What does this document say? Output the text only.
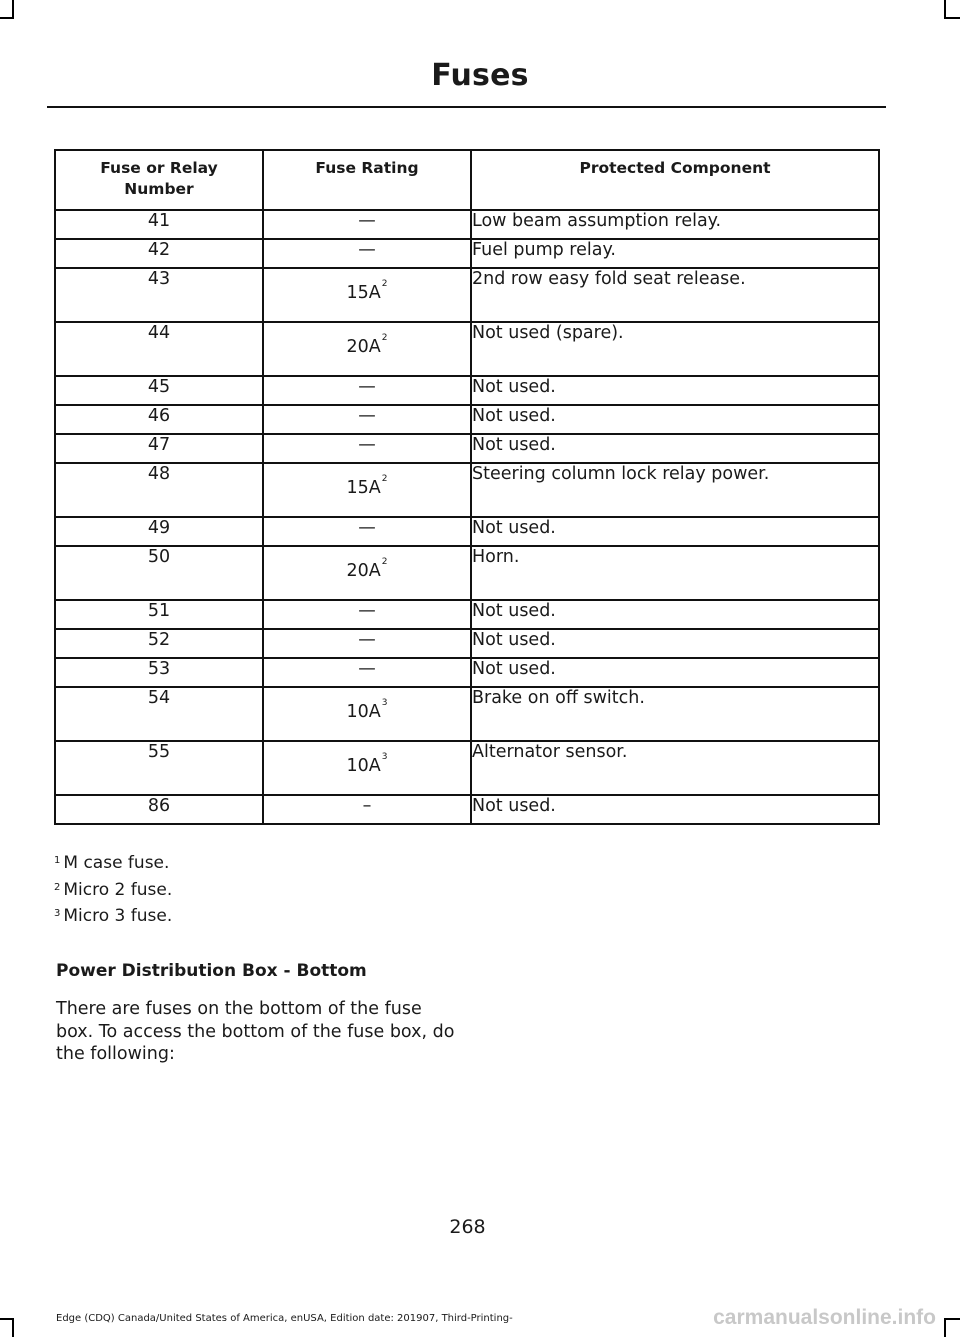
Fuses
Fuse or Relay Number	Fuse Rating	Protected Component
41	—	Low beam assumption relay.
42	—	Fuel pump relay.
43	15A$^2$	2nd row easy fold seat release.
44	20A$^2$	Not used (spare).
45	—	Not used.
46	—	Not used.
47	—	Not used.
48	15A$^2$	Steering column lock relay power.
49	—	Not used.
50	20A$^2$	Horn.
51	—	Not used.
52	—	Not used.
53	—	Not used.
54	10A$^3$	Brake on off switch.
55	10A$^3$	Alternator sensor.
86	–	Not used.
$^1$ M case fuse.
$^2$ Micro 2 fuse.
$^3$ Micro 3 fuse.
Power Distribution Box - Bottom
There are fuses on the bottom of the fuse box. To access the bottom of the fuse box, do the following:
268
Edge (CDQ) Canada/United States of America, enUSA, Edition date: 201907, Third-Printing-	carmanualsonline.info
